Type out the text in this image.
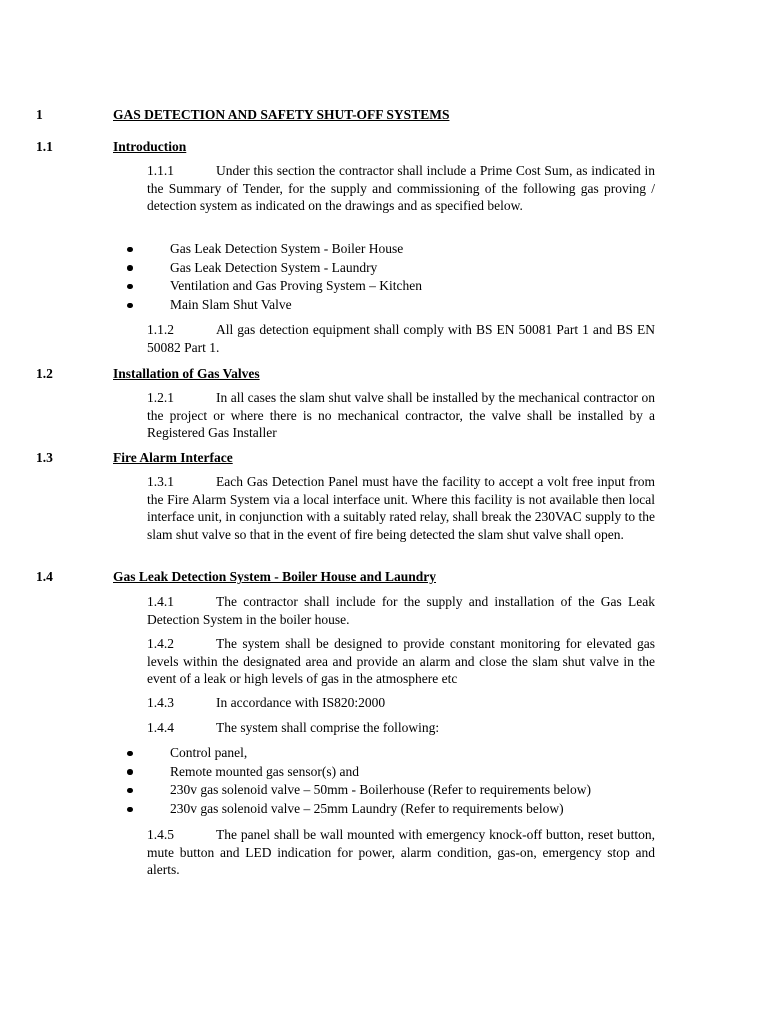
1	GAS DETECTION AND SAFETY SHUT-OFF SYSTEMS
1.1	Introduction
1.1.1	Under this section the contractor shall include a Prime Cost Sum, as indicated in the Summary of Tender, for the supply and commissioning of the following gas proving / detection system as indicated on the drawings and as specified below.
Gas Leak Detection System - Boiler House
Gas Leak Detection System - Laundry
Ventilation and Gas Proving System – Kitchen
Main Slam Shut Valve
1.1.2	All gas detection equipment shall comply with BS EN 50081 Part 1 and BS EN 50082 Part 1.
1.2	Installation of Gas Valves
1.2.1	In all cases the slam shut valve shall be installed by the mechanical contractor on the project or where there is no mechanical contractor, the valve shall be installed by a Registered Gas Installer
1.3	Fire Alarm Interface
1.3.1	Each Gas Detection Panel must have the facility to accept a volt free input from the Fire Alarm System via a local interface unit. Where this facility is not available then local interface unit, in conjunction with a suitably rated relay, shall break the 230VAC supply to the slam shut valve so that in the event of fire being detected the slam shut valve shall open.
1.4	Gas Leak Detection System - Boiler House and Laundry
1.4.1	The contractor shall include for the supply and installation of the Gas Leak Detection System in the boiler house.
1.4.2	The system shall be designed to provide constant monitoring for elevated gas levels within the designated area and provide an alarm and close the slam shut valve in the event of a leak or high levels of gas in the atmosphere etc
1.4.3	In accordance with IS820:2000
1.4.4	The system shall comprise the following:
Control panel,
Remote mounted gas sensor(s) and
230v gas solenoid valve – 50mm - Boilerhouse (Refer to requirements below)
230v gas solenoid valve – 25mm Laundry (Refer to requirements below)
1.4.5	The panel shall be wall mounted with emergency knock-off button, reset button, mute button and LED indication for power, alarm condition, gas-on, emergency stop and alerts.
